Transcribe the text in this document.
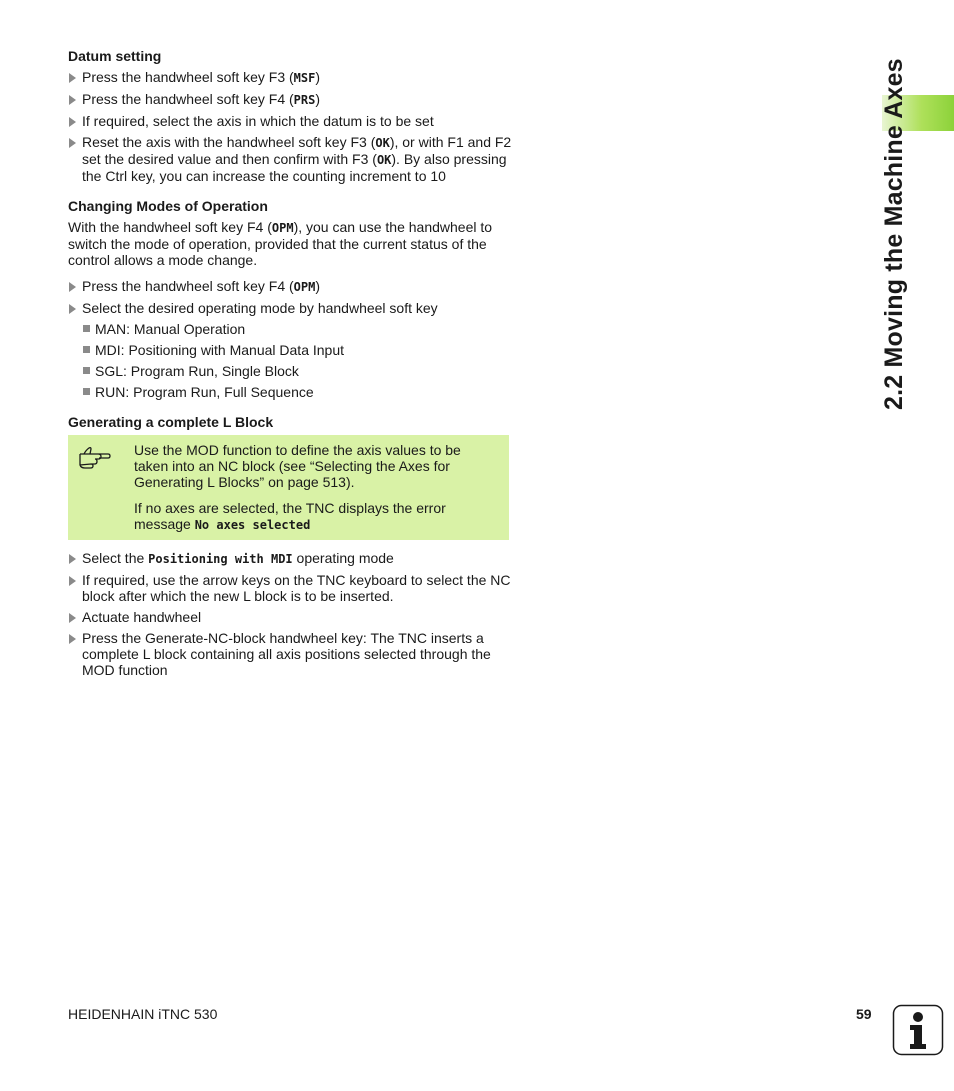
2.2 Moving the Machine Axes
Datum setting
Press the handwheel soft key F3 (MSF)
Press the handwheel soft key F4 (PRS)
If required, select the axis in which the datum is to be set
Reset the axis with the handwheel soft key F3 (OK), or with F1 and F2 set the desired value and then confirm with F3 (OK). By also pressing the Ctrl key, you can increase the counting increment to 10
Changing Modes of Operation

With the handwheel soft key F4 (OPM), you can use the handwheel to switch the mode of operation, provided that the current status of the control allows a mode change.

Press the handwheel soft key F4 (OPM)
Select the desired operating mode by handwheel soft key
MAN: Manual Operation
MDI: Positioning with Manual Data Input
SGL: Program Run, Single Block
RUN: Program Run, Full Sequence
Generating a complete L Block

Use the MOD function to define the axis values to be taken into an NC block (see “Selecting the Axes for Generating L Blocks” on page 513).

If no axes are selected, the TNC displays the error message No axes selected

Select the Positioning with MDI operating mode
If required, use the arrow keys on the TNC keyboard to select the NC block after which the new L block is to be inserted.
Actuate handwheel
Press the Generate-NC-block handwheel key: The TNC inserts a complete L block containing all axis positions selected through the MOD function
HEIDENHAIN iTNC 530	59
